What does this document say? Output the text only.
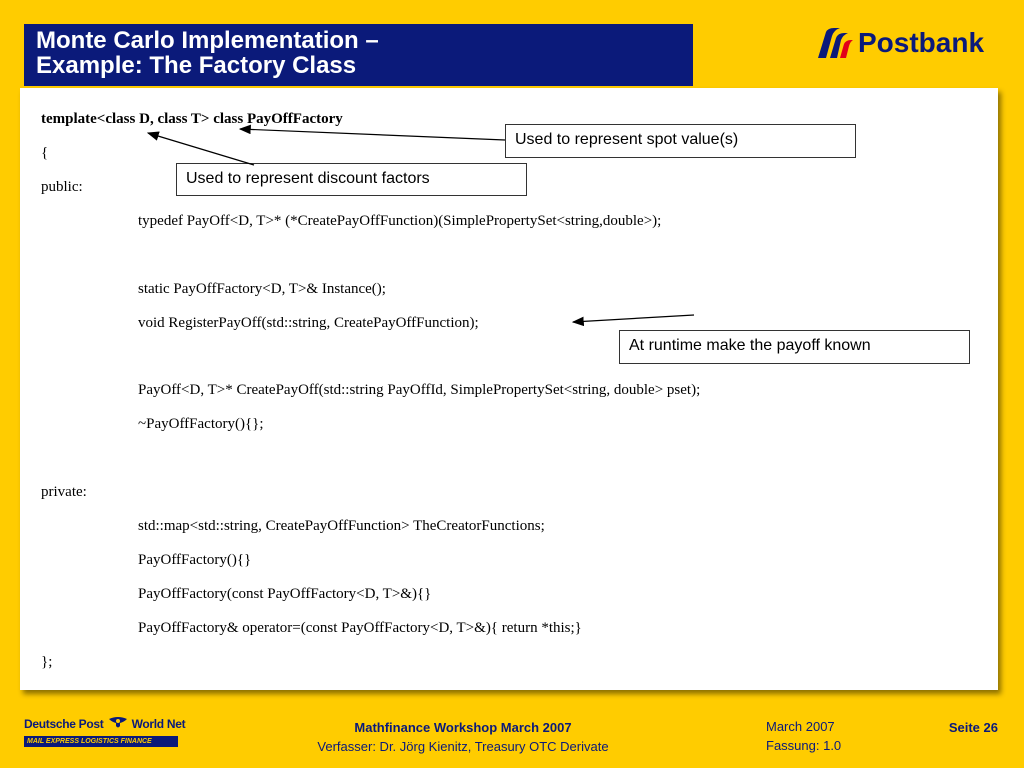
Monte Carlo Implementation –
Example: The Factory Class
Postbank
template<class D, class T> class PayOffFactory
{
public:
typedef PayOff<D, T>* (*CreatePayOffFunction)(SimplePropertySet<string,double>);
static PayOffFactory<D, T>& Instance();
void RegisterPayOff(std::string, CreatePayOffFunction);
PayOff<D, T>* CreatePayOff(std::string PayOffId, SimplePropertySet<string, double> pset);
~PayOffFactory(){};
private:
std::map<std::string, CreatePayOffFunction> TheCreatorFunctions;
PayOffFactory(){}
PayOffFactory(const PayOffFactory<D, T>&){}
PayOffFactory& operator=(const PayOffFactory<D, T>&){ return *this;}
};
Used to represent spot value(s)
Used to represent discount factors
At runtime make the payoff known
Deutsche Post World Net
MAIL EXPRESS LOGISTICS FINANCE
Mathfinance Workshop March 2007
Verfasser: Dr. Jörg Kienitz, Treasury OTC Derivate
March 2007
Fassung: 1.0
Seite 26
